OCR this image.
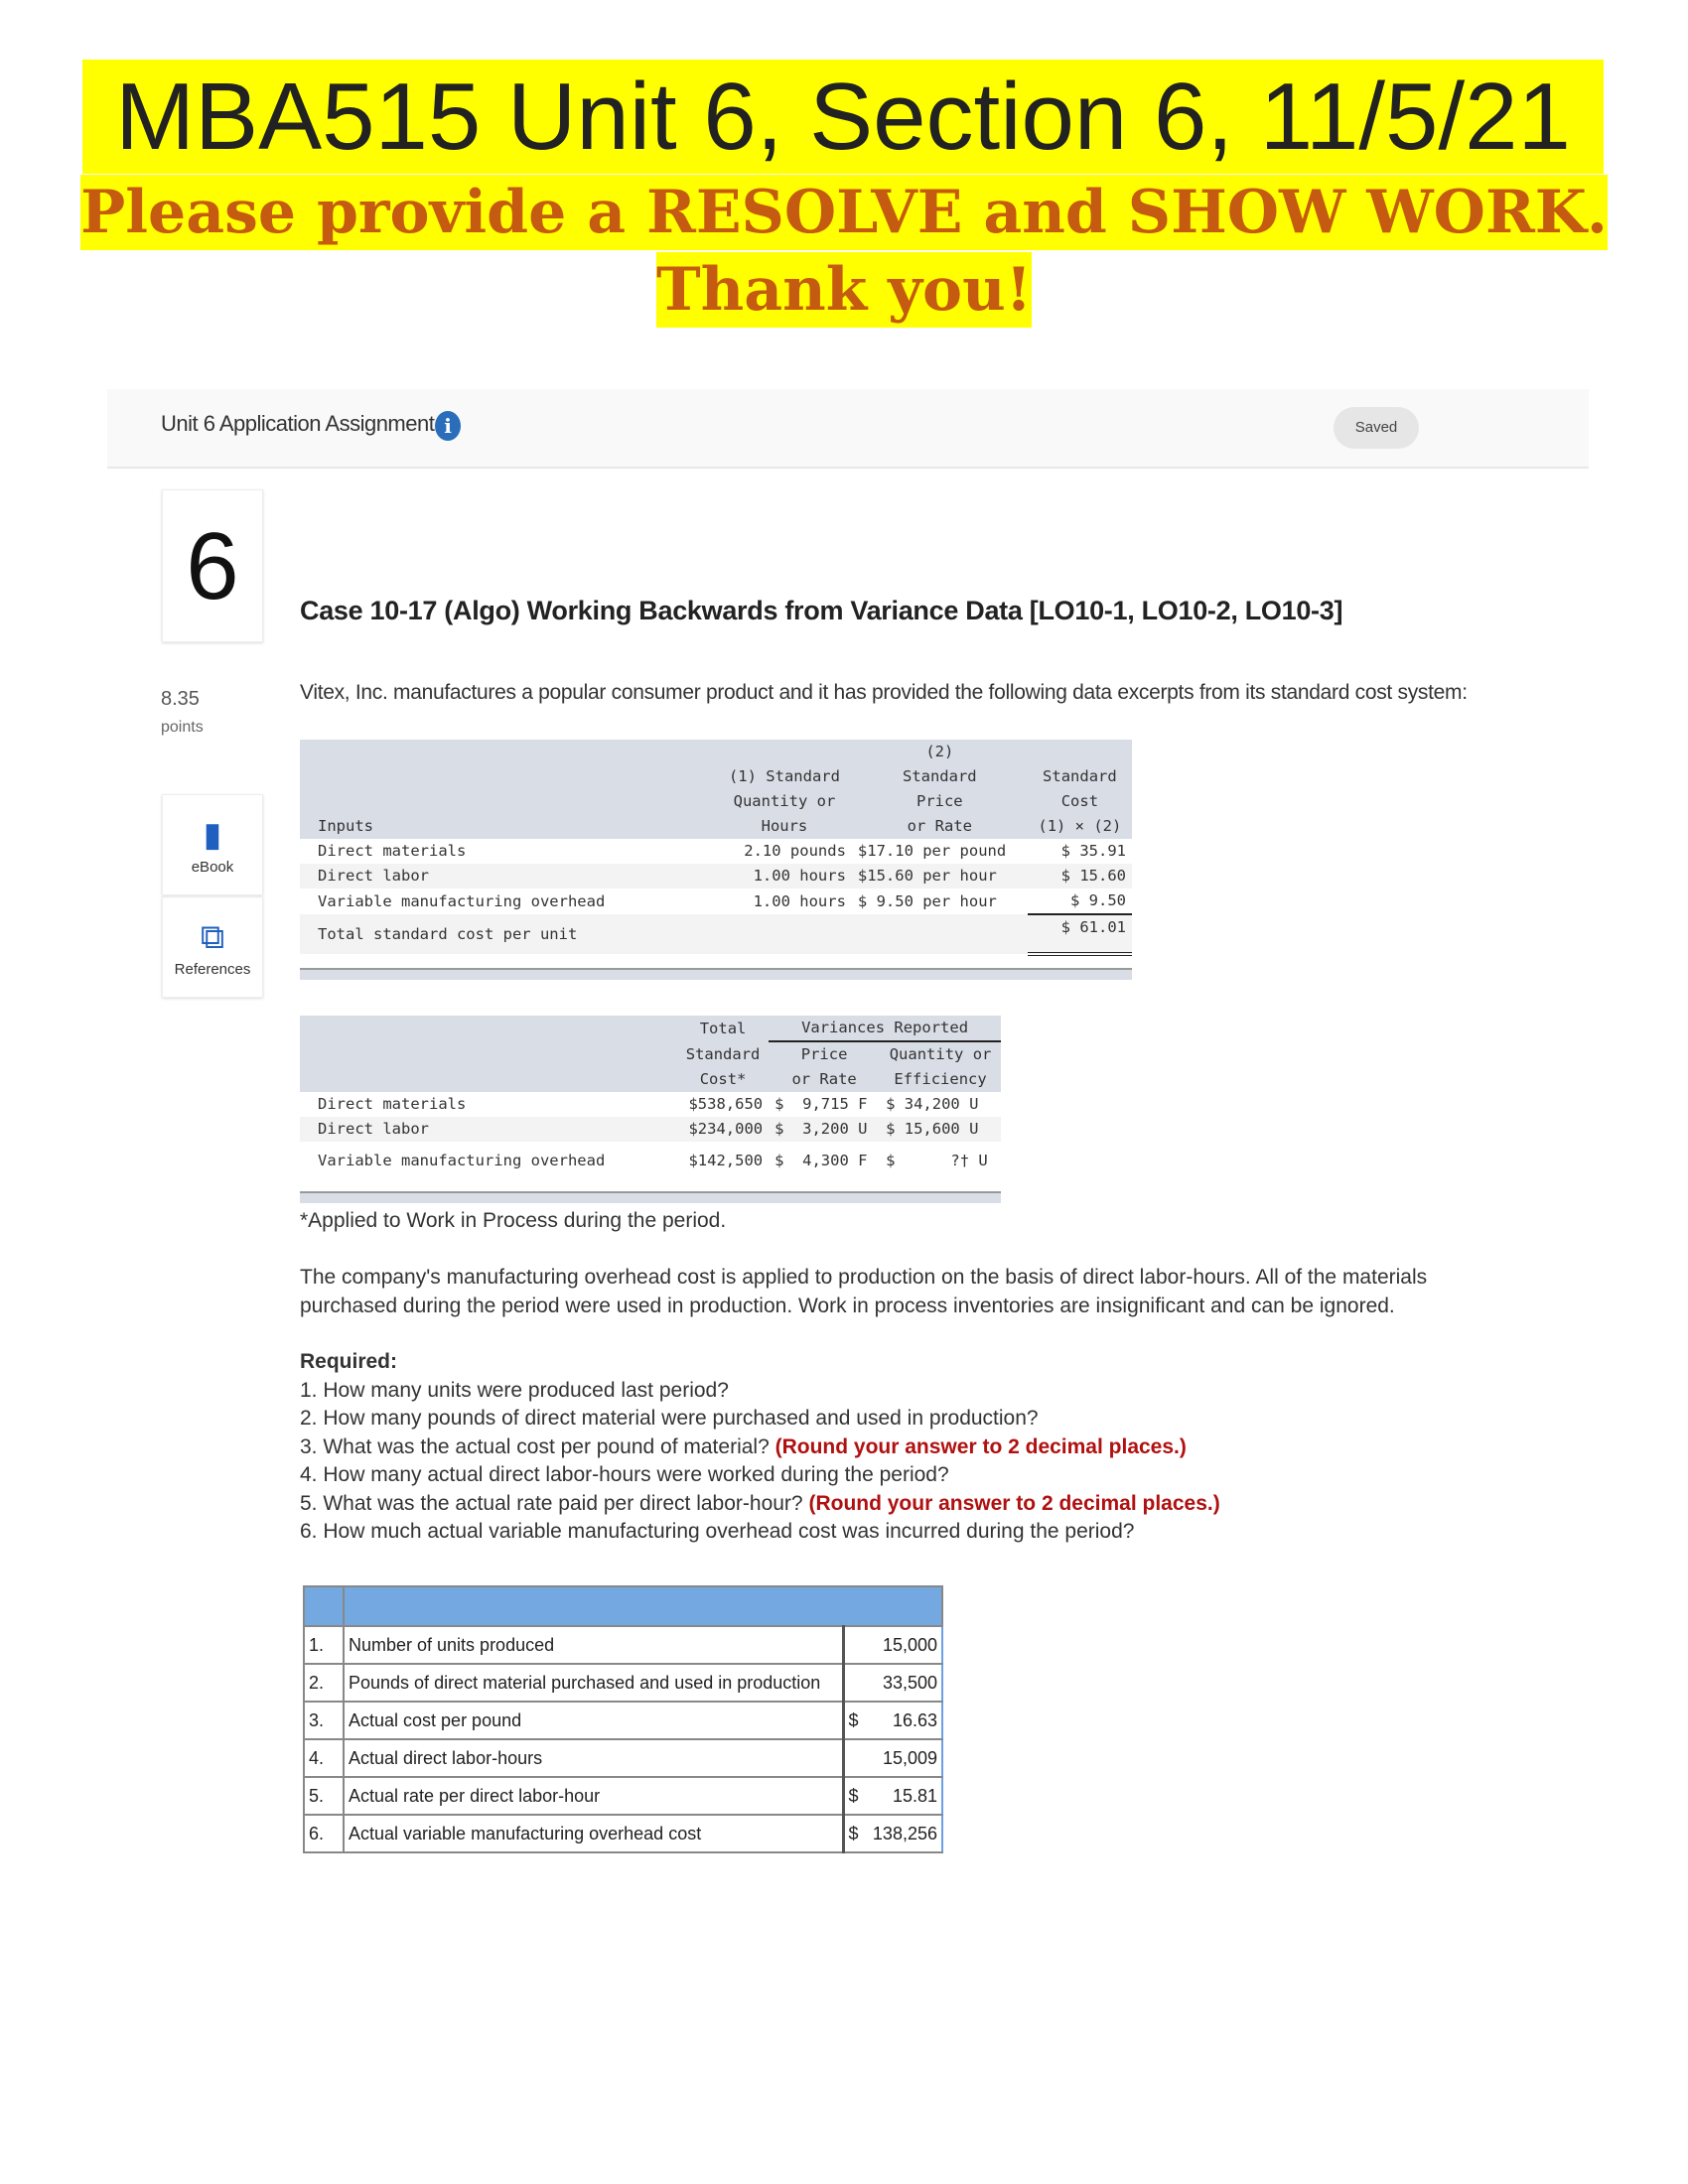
MBA515 Unit 6, Section 6, 11/5/21
Please provide a RESOLVE and SHOW WORK.
Thank you!
Unit 6 Application Assignment i	Saved
6	Case 10-17 (Algo) Working Backwards from Variance Data [LO10-1, LO10-2, LO10-3]
8.35
points
▮
eBook
⧉
References
Vitex, Inc. manufactures a popular consumer product and it has provided the following data excerpts from its standard cost system:
		(2)	
	(1) Standard	Standard	Standard
	Quantity or	Price	Cost
Inputs	Hours	or Rate	(1) × (2)
Direct materials	2.10 pounds	$17.10 per pound	$ 35.91
Direct labor	1.00 hours	$15.60 per hour	$ 15.60
Variable manufacturing overhead	1.00 hours	$ 9.50 per hour	$ 9.50
Total standard cost per unit			$ 61.01
	Total	Variances Reported	
	Standard	Price	Quantity or
	Cost*	or Rate	Efficiency
Direct materials	$538,650	$  9,715 F	$ 34,200 U
Direct labor	$234,000	$  3,200 U	$ 15,600 U
Variable manufacturing overhead	$142,500	$  4,300 F	$      ?† U
*Applied to Work in Process during the period.
The company's manufacturing overhead cost is applied to production on the basis of direct labor-hours. All of the materials purchased during the period were used in production. Work in process inventories are insignificant and can be ignored.
Required:
1. How many units were produced last period?
2. How many pounds of direct material were purchased and used in production?
3. What was the actual cost per pound of material? (Round your answer to 2 decimal places.)
4. How many actual direct labor-hours were worked during the period?
5. What was the actual rate paid per direct labor-hour? (Round your answer to 2 decimal places.)
6. How much actual variable manufacturing overhead cost was incurred during the period?

1.	Number of units produced	15,000
2.	Pounds of direct material purchased and used in production	33,500
3.	Actual cost per pound	$ 16.63
4.	Actual direct labor-hours	15,009
5.	Actual rate per direct labor-hour	$ 15.81
6.	Actual variable manufacturing overhead cost	$ 138,256
